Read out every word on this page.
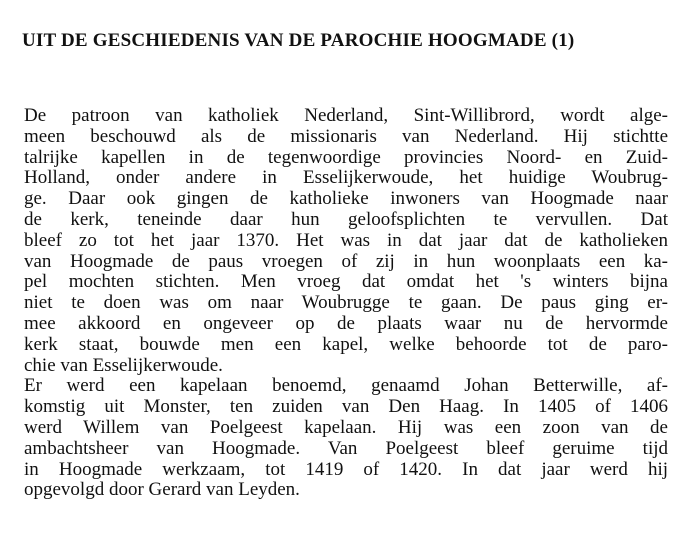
UIT DE GESCHIEDENIS VAN DE PAROCHIE HOOGMADE (1)
De patroon van katholiek Nederland, Sint-Willibrord, wordt alge-
meen beschouwd als de missionaris van Nederland. Hij stichtte
talrijke kapellen in de tegenwoordige provincies Noord- en Zuid-
Holland, onder andere in Esselijkerwoude, het huidige Woubrug-
ge. Daar ook gingen de katholieke inwoners van Hoogmade naar
de kerk, teneinde daar hun geloofsplichten te vervullen. Dat
bleef zo tot het jaar 1370. Het was in dat jaar dat de katholieken
van Hoogmade de paus vroegen of zij in hun woonplaats een ka-
pel mochten stichten. Men vroeg dat omdat het 's winters bijna
niet te doen was om naar Woubrugge te gaan. De paus ging er-
mee akkoord en ongeveer op de plaats waar nu de hervormde
kerk staat, bouwde men een kapel, welke behoorde tot de paro-
chie van Esselijkerwoude.
Er werd een kapelaan benoemd, genaamd Johan Betterwille, af-
komstig uit Monster, ten zuiden van Den Haag. In 1405 of 1406
werd Willem van Poelgeest kapelaan. Hij was een zoon van de
ambachtsheer van Hoogmade. Van Poelgeest bleef geruime tijd
in Hoogmade werkzaam, tot 1419 of 1420. In dat jaar werd hij
opgevolgd door Gerard van Leyden.
